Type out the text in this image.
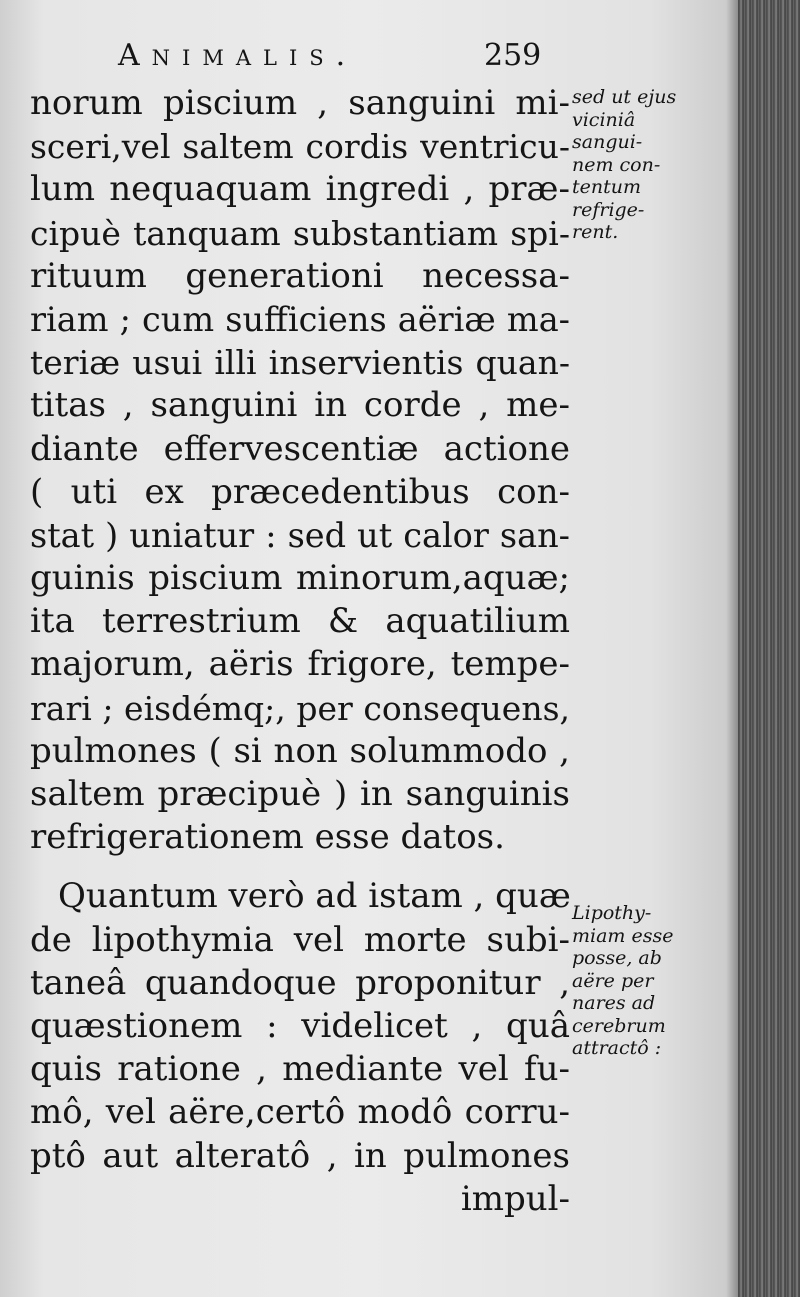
Animalis.	259
norum piscium , sanguini mi-
sceri,vel saltem cordis ventricu-
lum nequaquam ingredi , præ-
cipuè tanquam substantiam spi-
rituum generationi necessa-
riam ; cum sufficiens aëriæ ma-
teriæ usui illi inservientis quan-
titas , sanguini in corde , me-
diante effervescentiæ actione
( uti ex præcedentibus con-
stat ) uniatur : sed ut calor san-
guinis piscium minorum,aquæ;
ita terrestrium & aquatilium
majorum, aëris frigore, tempe-
rari ; eisdémq;, per consequens,
pulmones ( si non solummodo ,
saltem præcipuè ) in sanguinis
refrigerationem esse datos.
Quantum verò ad istam , quæ
de lipothymia vel morte subi-
taneâ quandoque proponitur ,
quæstionem : videlicet , quâ
quis ratione , mediante vel fu-
mô, vel aëre,certô modô corru-
ptô aut alteratô , in pulmones
impul-
sed ut ejus
viciniâ
sangui-
nem con-
tentum
refrige-
rent.
Lipothy-
miam esse
posse, ab
aëre per
nares ad
cerebrum
attractô :
